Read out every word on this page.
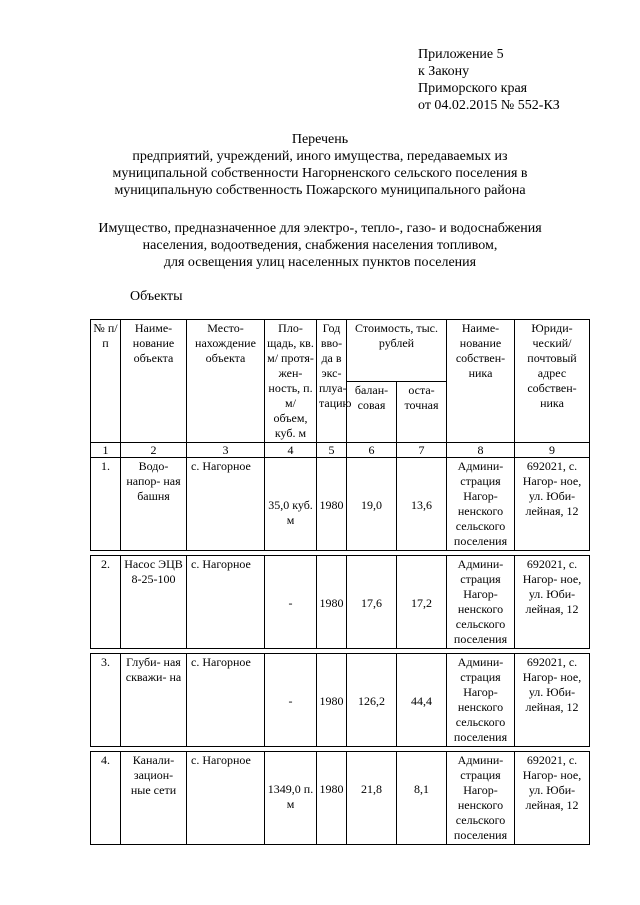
Приложение 5
к Закону
Приморского края
от 04.02.2015 № 552-КЗ
Перечень
предприятий, учреждений, иного имущества, передаваемых из
муниципальной собственности Нагорненского сельского поселения в
муниципальную собственность Пожарского муниципального района
Имущество, предназначенное для электро-, тепло-, газо- и водоснабжения
населения, водоотведения, снабжения населения топливом,
для освещения улиц населенных пунктов поселения
Объекты
№ п/п	Наиме- нование объекта	Место- нахождение объекта	Пло- щадь, кв. м/ протя- жен- ность, п. м/ объем, куб. м	Год вво- да в экс- плуа- тацию	Стоимость, тыс. рублей		Наиме- нование собствен- ника	Юриди- ческий/ почтовый адрес собствен- ника
					балан- совая	оста- точная		
1	2	3	4	5	6	7	8	9
1.	Водо- напор- ная башня	с. Нагорное	35,0 куб. м	1980	19,0	13,6	Админи- страция Нагор- ненского сельского поселения	692021, с. Нагор- ное, ул. Юби- лейная, 12

2.	Насос ЭЦВ 8-25-100	с. Нагорное	-	1980	17,6	17,2	Админи- страция Нагор- ненского сельского поселения	692021, с. Нагор- ное, ул. Юби- лейная, 12

3.	Глуби- ная скважи- на	с. Нагорное	-	1980	126,2	44,4	Админи- страция Нагор- ненского сельского поселения	692021, с. Нагор- ное, ул. Юби- лейная, 12

4.	Канали- зацион- ные сети	с. Нагорное	1349,0 п. м	1980	21,8	8,1	Админи- страция Нагор- ненского сельского поселения	692021, с. Нагор- ное, ул. Юби- лейная, 12
